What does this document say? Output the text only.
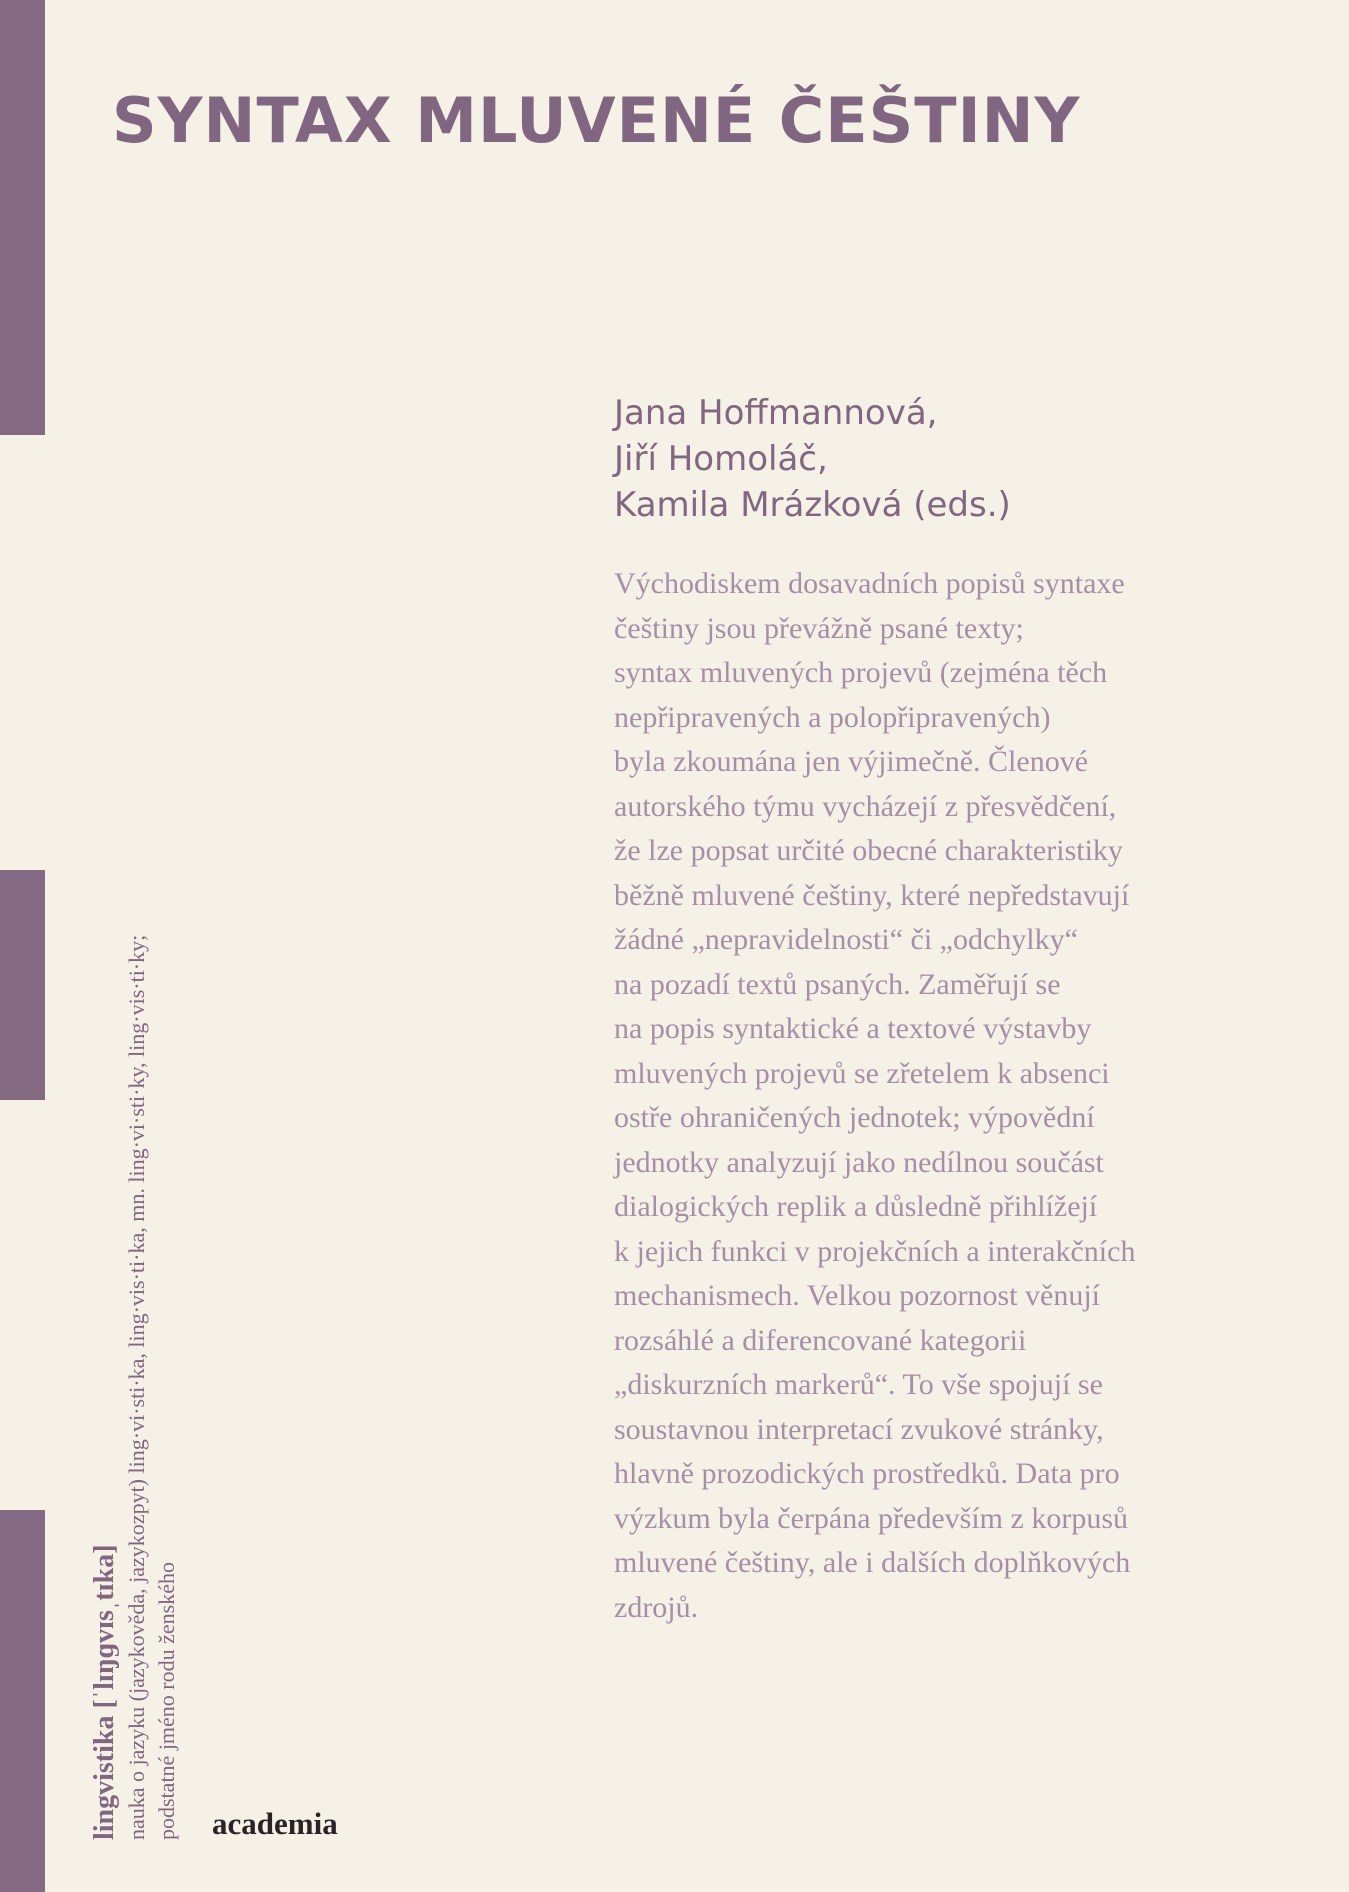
SYNTAX MLUVENÉ ČEŠTINY
Jana Hoffmannová,
Jiří Homoláč,
Kamila Mrázková (eds.)
Východiskem dosavadních popisů syntaxe
češtiny jsou převážně psané texty;
syntax mluvených projevů (zejména těch
nepřipravených a polopřipravených)
byla zkoumána jen výjimečně. Členové
autorského týmu vycházejí z přesvědčení,
že lze popsat určité obecné charakteristiky
běžně mluvené češtiny, které nepředstavují
žádné „nepravidelnosti“ či „odchylky“
na pozadí textů psaných. Zaměřují se
na popis syntaktické a textové výstavby
mluvených projevů se zřetelem k absenci
ostře ohraničených jednotek; výpovědní
jednotky analyzují jako nedílnou součást
dialogických replik a důsledně přihlížejí
k jejich funkci v projekčních a interakčních
mechanismech. Velkou pozornost věnují
rozsáhlé a diferencované kategorii
„diskurzních markerů“. To vše spojují se
soustavnou interpretací zvukové stránky,
hlavně prozodických prostředků. Data pro
výzkum byla čerpána především z korpusů
mluvené češtiny, ale i dalších doplňkových
zdrojů.
lingvistika [ˈlɪŋɡvɪsˌtɪka] nauka o jazyku (jazykověda, jazykozpyt) ling·vi·sti·ka, ling·vis·ti·ka, mn. ling·vi·sti·ky, ling·vis·ti·ky; podstatné jméno rodu ženského academia
